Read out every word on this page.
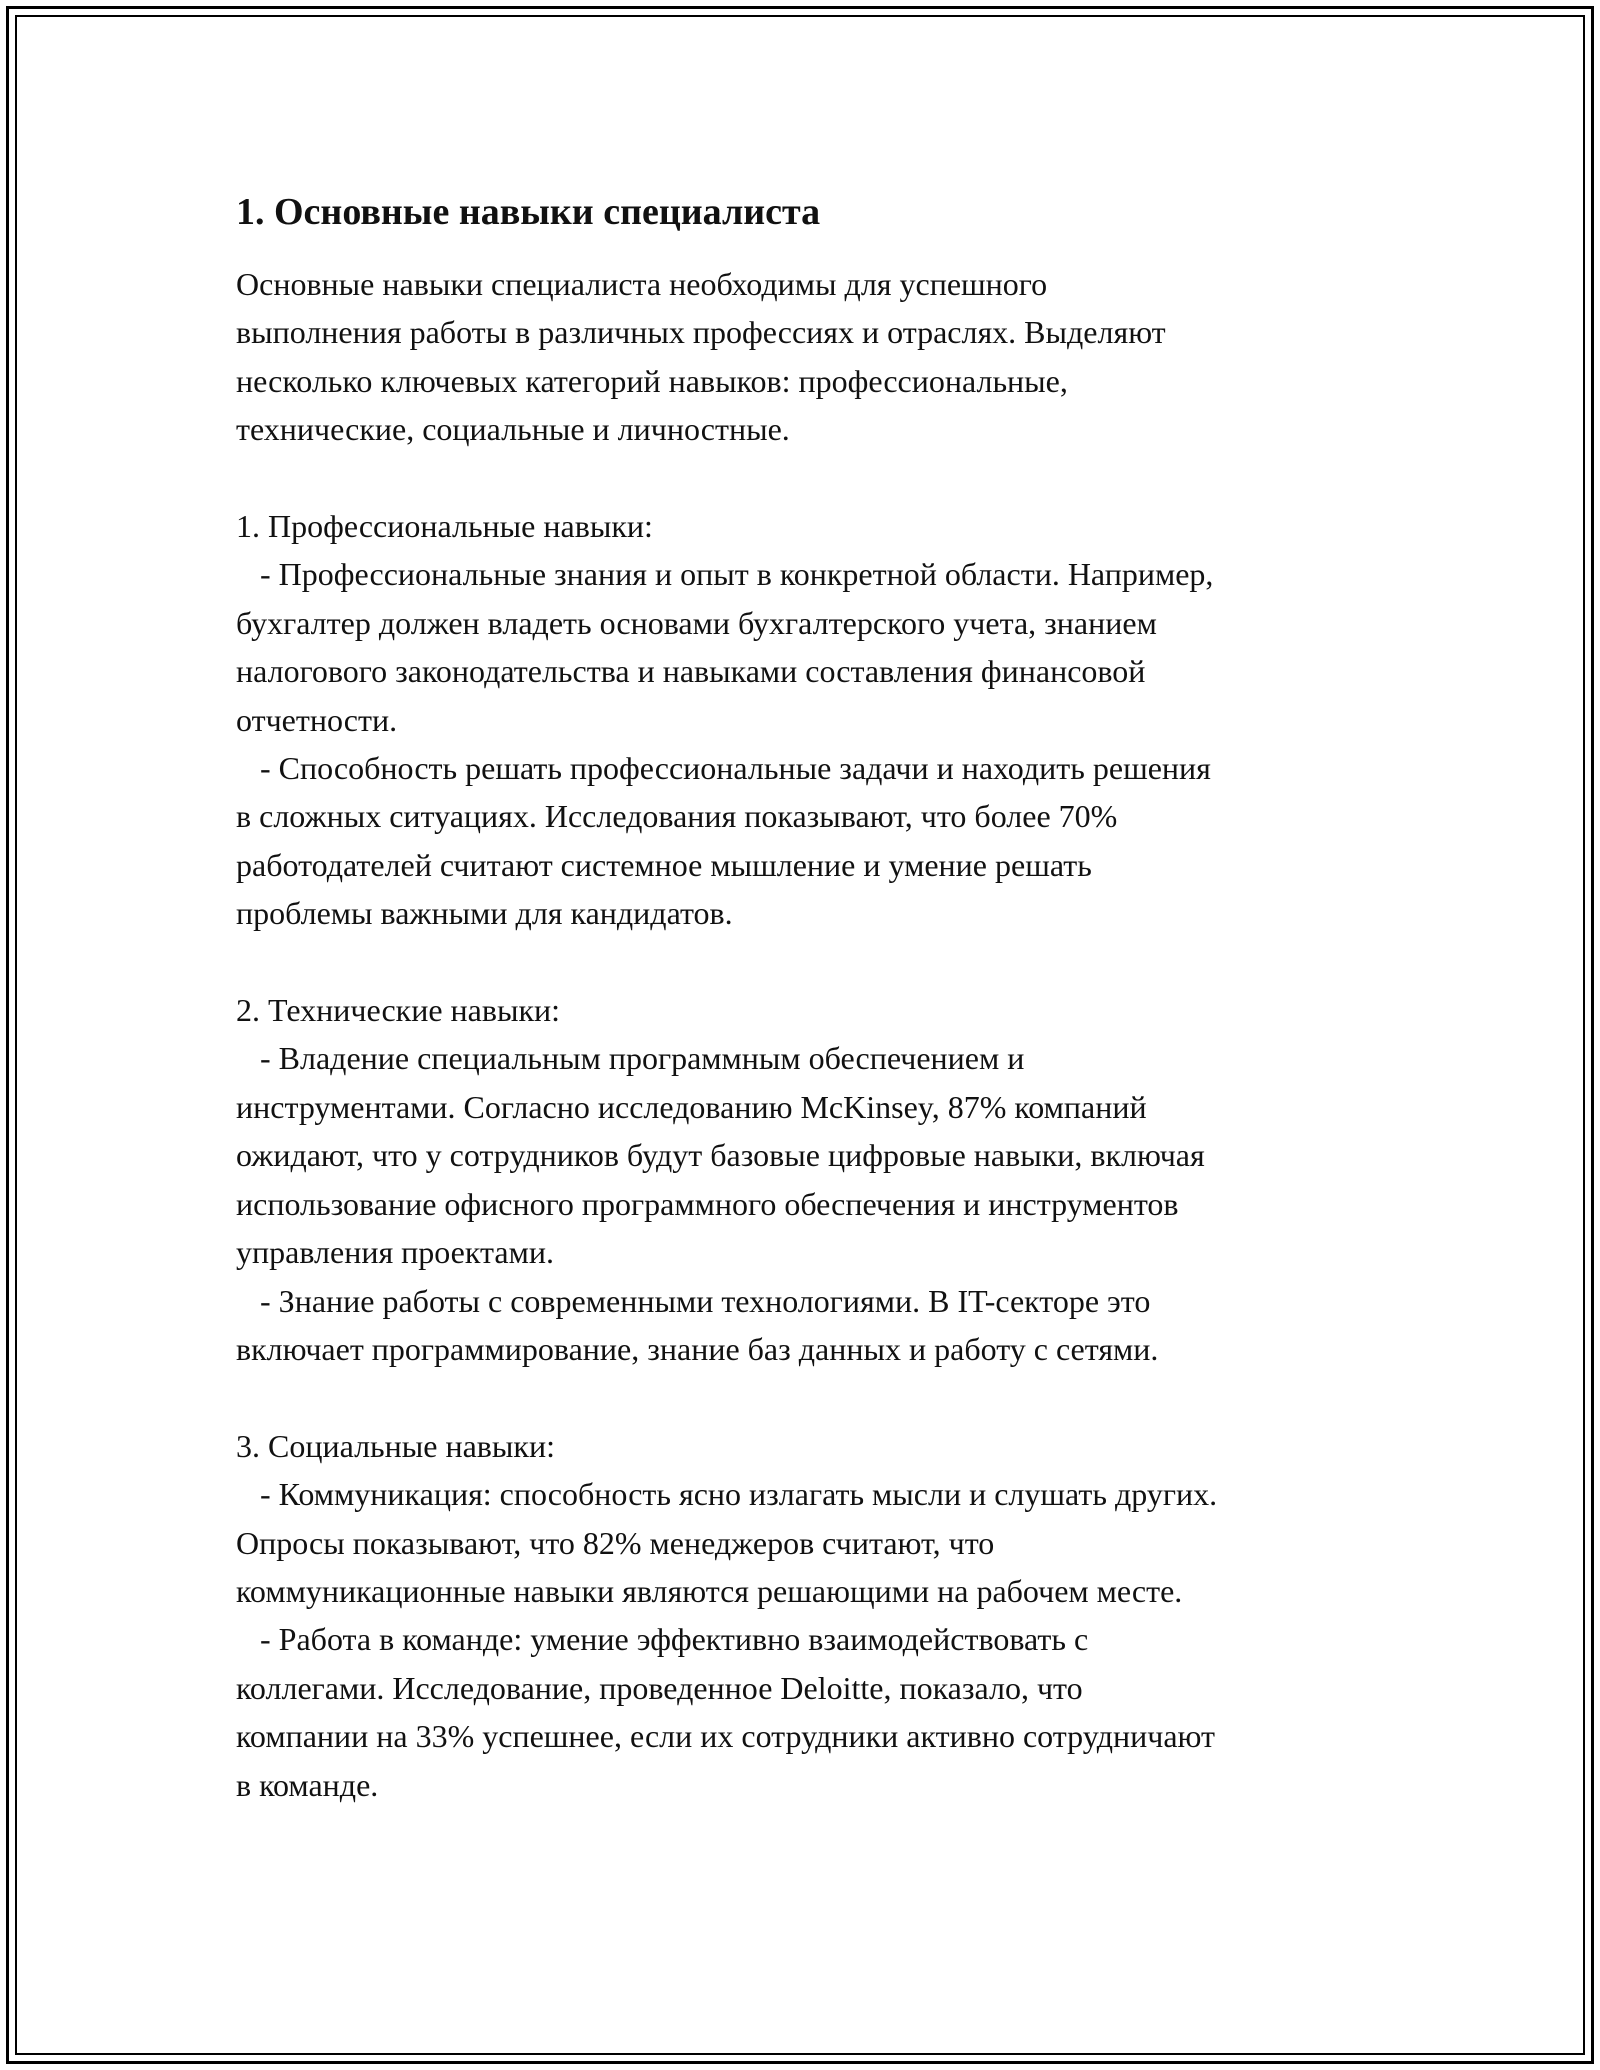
1. Основные навыки специалиста

Основные навыки специалиста необходимы для успешного
выполнения работы в различных профессиях и отраслях. Выделяют
несколько ключевых категорий навыков: профессиональные,
технические, социальные и личностные.

1. Профессиональные навыки:

- Профессиональные знания и опыт в конкретной области. Например,
бухгалтер должен владеть основами бухгалтерского учета, знанием
налогового законодательства и навыками составления финансовой
отчетности.

- Способность решать профессиональные задачи и находить решения
в сложных ситуациях. Исследования показывают, что более 70%
работодателей считают системное мышление и умение решать
проблемы важными для кандидатов.

2. Технические навыки:

- Владение специальным программным обеспечением и
инструментами. Согласно исследованию McKinsey, 87% компаний
ожидают, что у сотрудников будут базовые цифровые навыки, включая
использование офисного программного обеспечения и инструментов
управления проектами.

- Знание работы с современными технологиями. В IT-секторе это
включает программирование, знание баз данных и работу с сетями.

3. Социальные навыки:

- Коммуникация: способность ясно излагать мысли и слушать других.
Опросы показывают, что 82% менеджеров считают, что
коммуникационные навыки являются решающими на рабочем месте.

- Работа в команде: умение эффективно взаимодействовать с
коллегами. Исследование, проведенное Deloitte, показало, что
компании на 33% успешнее, если их сотрудники активно сотрудничают
в команде.
